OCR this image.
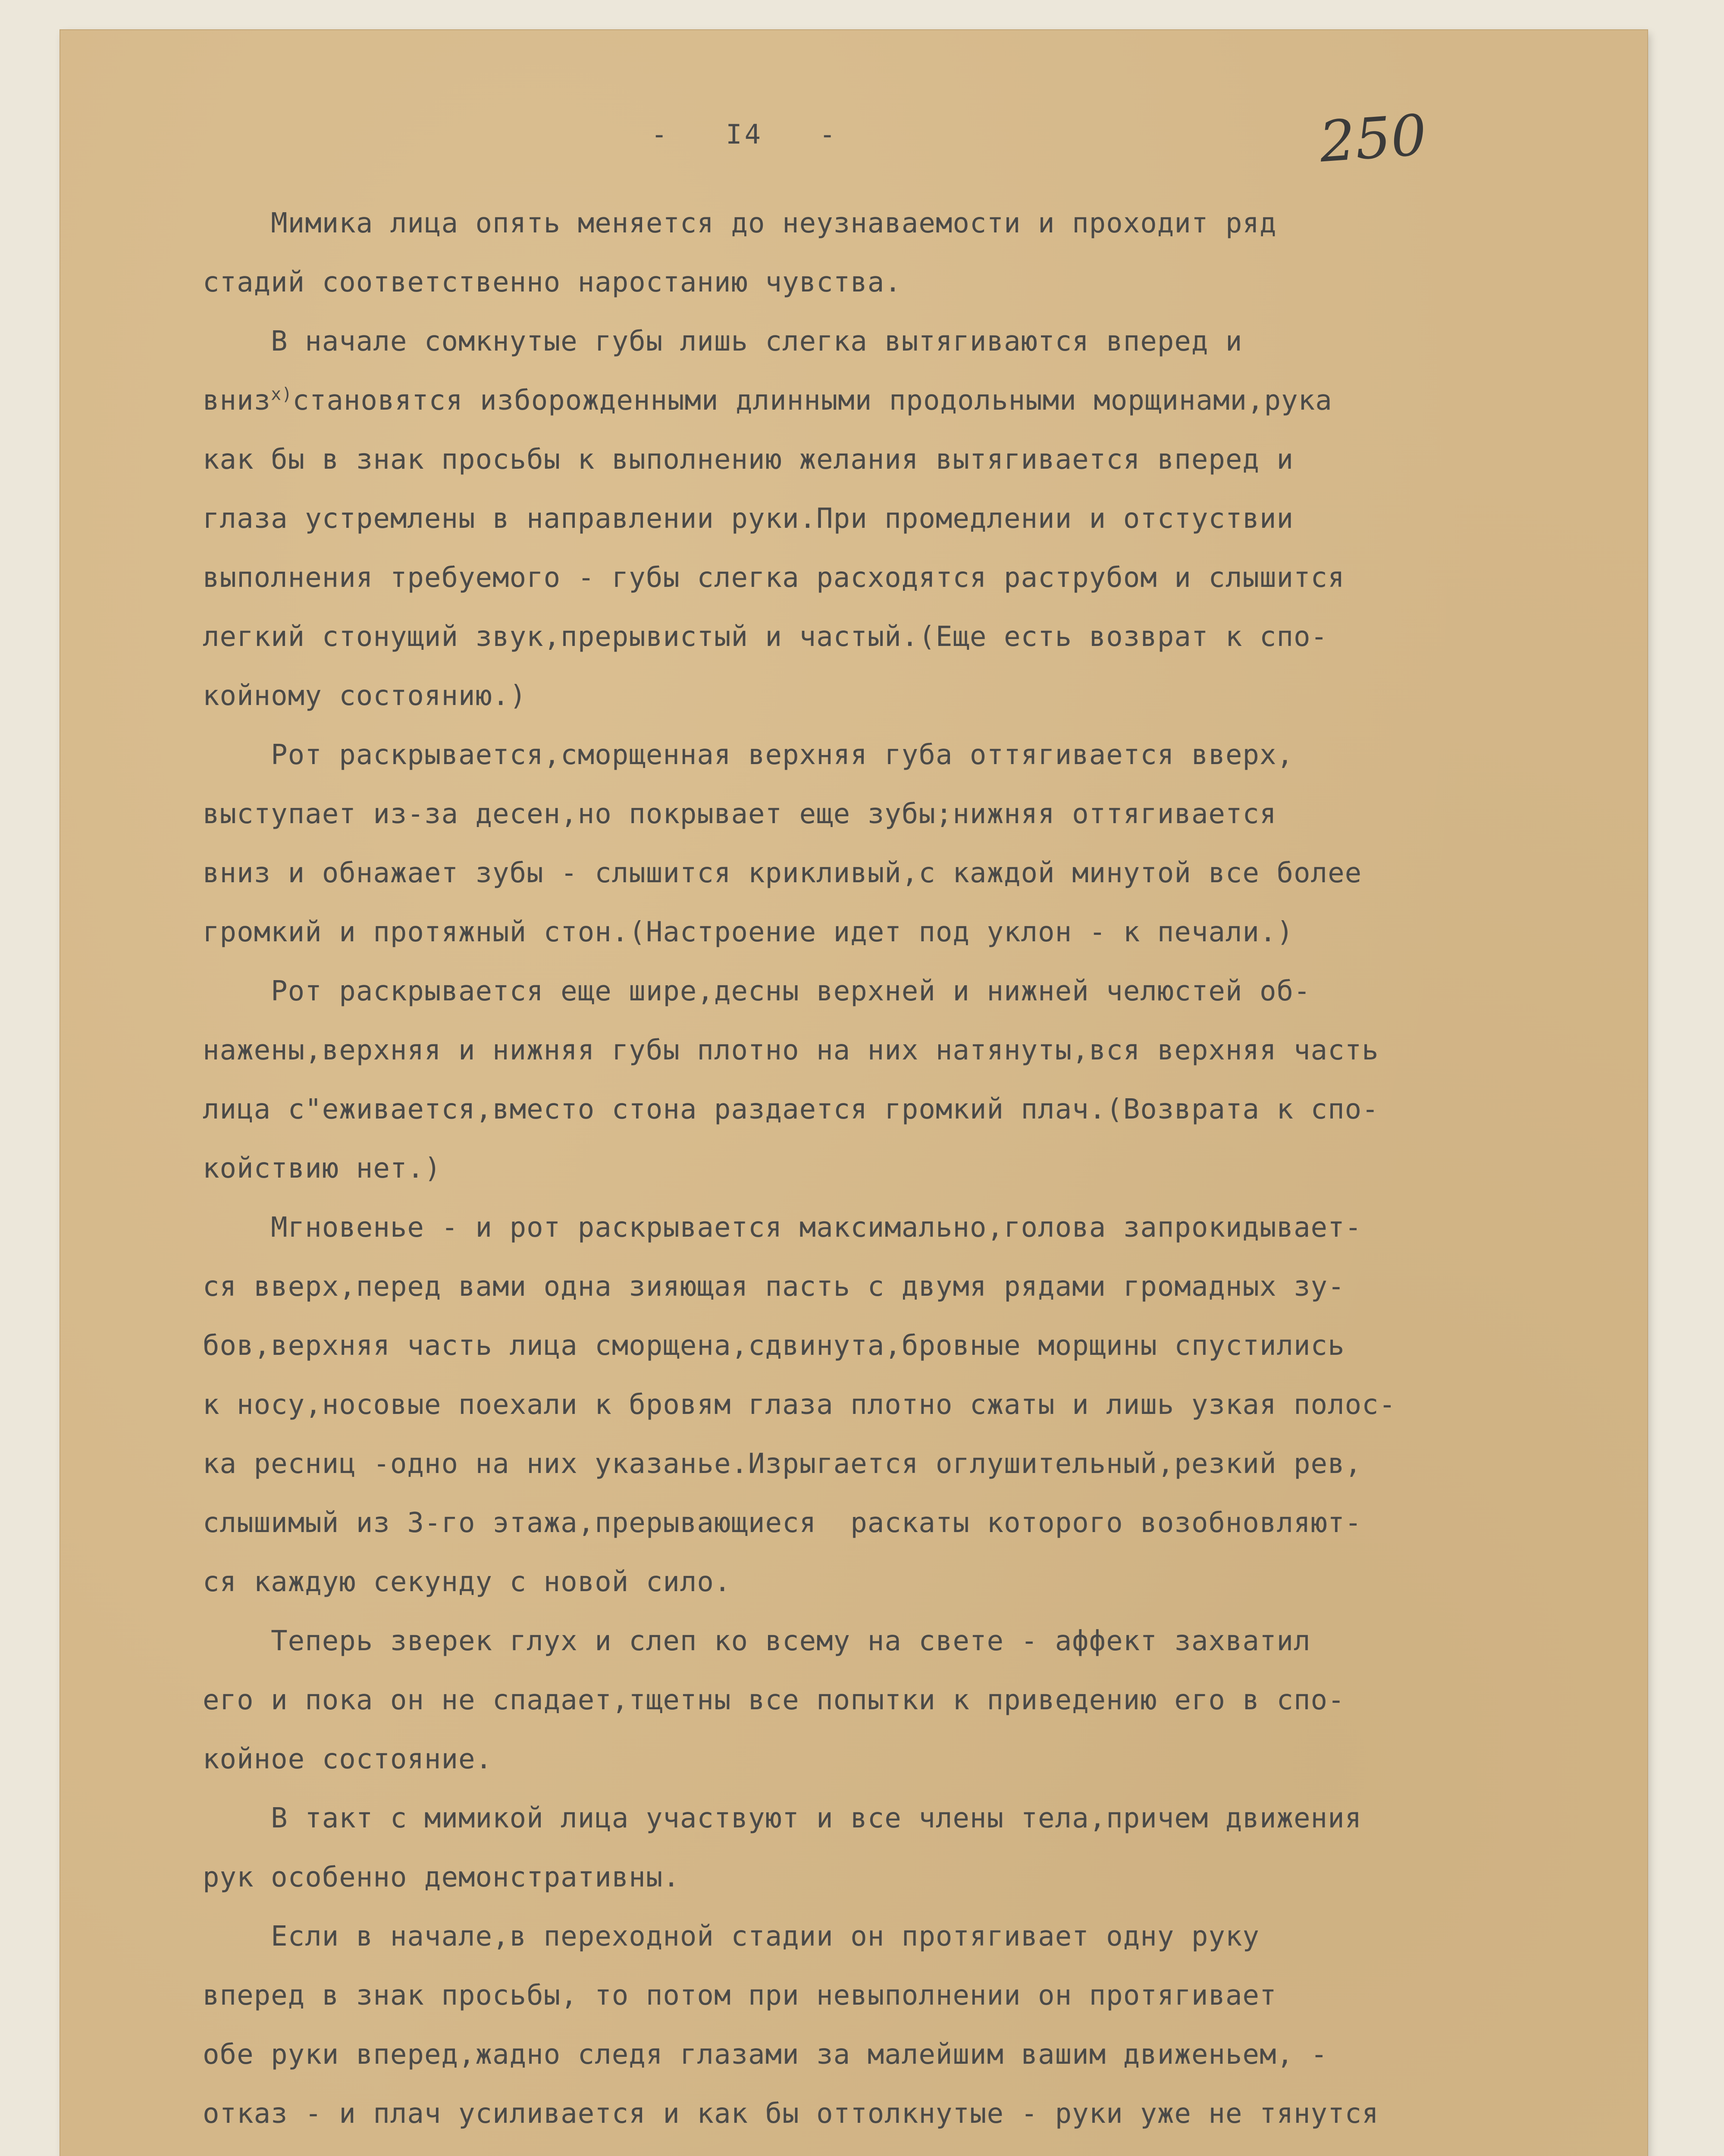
-   I4   -	250
Мимика лица опять меняется до неузнаваемости и проходит ряд
стадий соответственно наростанию чувства.
В начале сомкнутые губы лишь слегка вытягиваются вперед и
вниз$^{х)}$становятся изборожденными длинными продольными морщинами,рука
как бы в знак просьбы к выполнению желания вытягивается вперед и
глаза устремлены в направлении руки.При промедлении и отстуствии
выполнения требуемого - губы слегка расходятся раструбом и слышится
легкий стонущий звук,прерывистый и частый.(Еще есть возврат к спо-
койному состоянию.)
Рот раскрывается,сморщенная верхняя губа оттягивается вверх,
выступает из-за десен,но покрывает еще зубы;нижняя оттягивается
вниз и обнажает зубы - слышится крикливый,с каждой минутой все более
громкий и протяжный стон.(Настроение идет под уклон - к печали.)
Рот раскрывается еще шире,десны верхней и нижней челюстей об-
нажены,верхняя и нижняя губы плотно на них натянуты,вся верхняя часть
лица с"еживается,вместо стона раздается громкий плач.(Возврата к спо-
койствию нет.)
Мгновенье - и рот раскрывается максимально,голова запрокидывает-
ся вверх,перед вами одна зияющая пасть с двумя рядами громадных зу-
бов,верхняя часть лица сморщена,сдвинута,бровные морщины спустились
к носу,носовые поехали к бровям глаза плотно сжаты и лишь узкая полос-
ка ресниц -одно на них указанье.Изрыгается оглушительный,резкий рев,
слышимый из 3-го этажа,прерывающиеся  раскаты которого возобновляют-
ся каждую секунду с новой сило.
Теперь зверек глух и слеп ко всему на свете - аффект захватил
его и пока он не спадает,тщетны все попытки к приведению его в спо-
койное состояние.
В такт с мимикой лица участвуют и все члены тела,причем движения
рук особенно демонстративны.
Если в начале,в переходной стадии он протягивает одну руку
вперед в знак просьбы, то потом при невыполнении он протягивает
обе руки вперед,жадно следя глазами за малейшим вашим движеньем, -
отказ - и плач усиливается и как бы оттолкнутые - руки уже не тянутся
